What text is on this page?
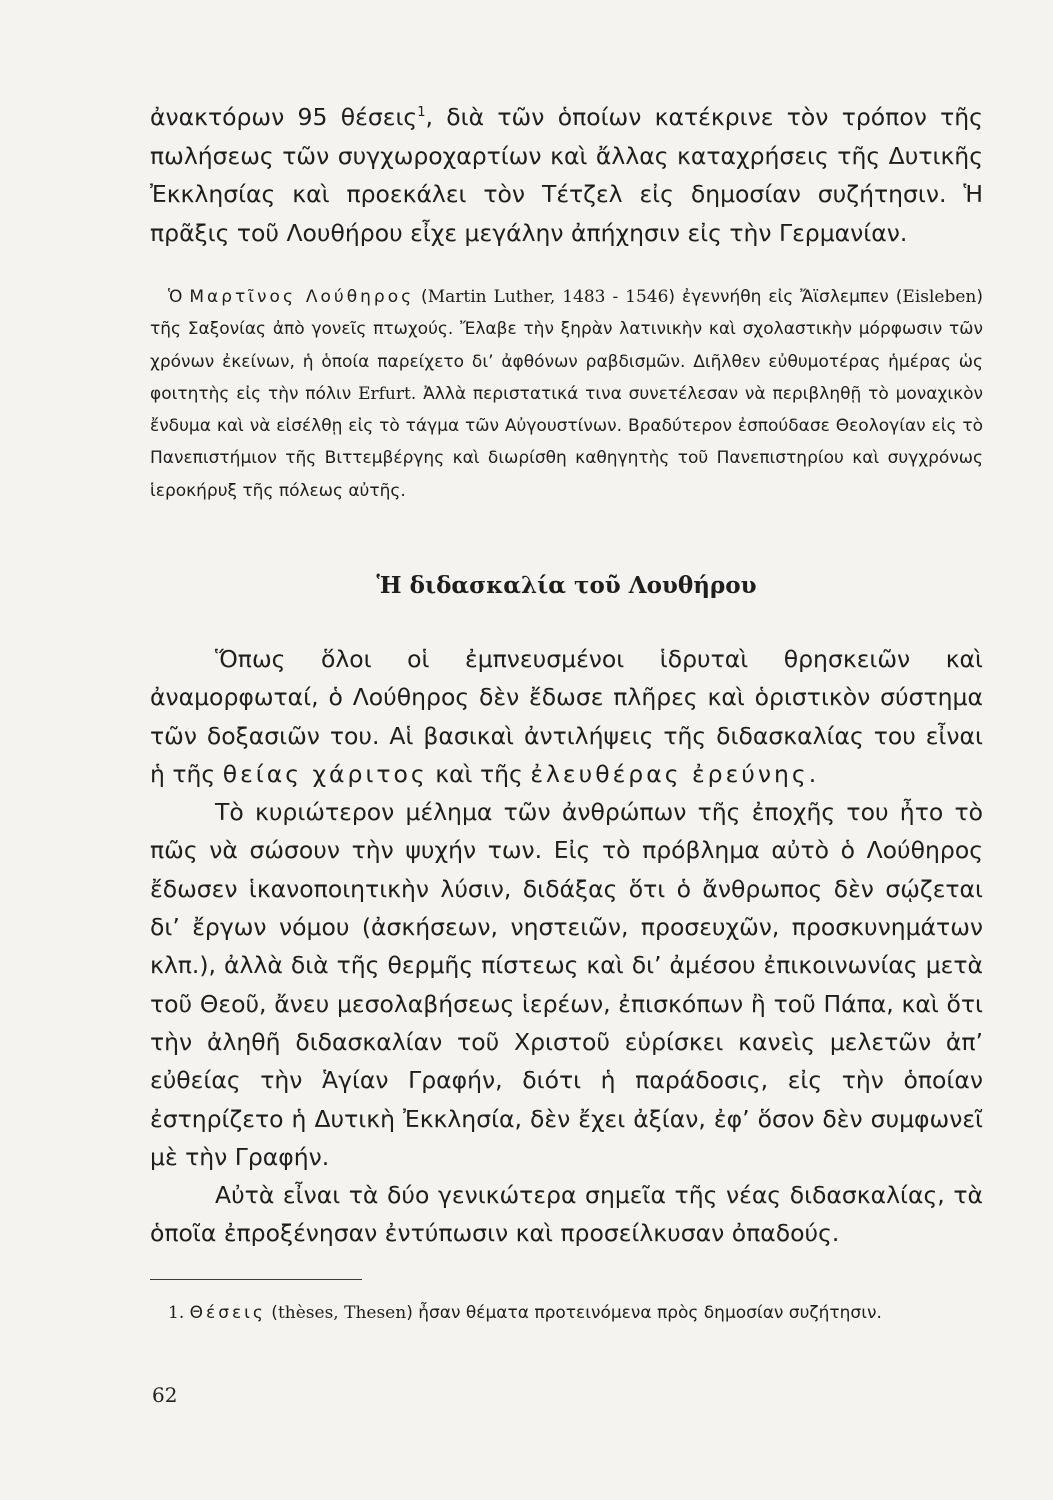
ἀνακτόρων 95 θέσεις$^1$, διὰ τῶν ὁποίων κατέκρινε τὸν τρόπον τῆς πωλήσεως τῶν συγχωροχαρτίων καὶ ἄλλας καταχρήσεις τῆς Δυτικῆς Ἐκκλησίας καὶ προεκάλει τὸν Τέτζελ εἰς δημοσίαν συζήτησιν. Ἡ πρᾶξις τοῦ Λουθήρου εἶχε μεγάλην ἀπήχησιν εἰς τὴν Γερμανίαν.

Ὁ Μαρτῖνος Λούθηρος (Martin Luther, 1483 - 1546) ἐγεννήθη εἰς Ἄϊσλεμπεν (Eisleben) τῆς Σαξονίας ἀπὸ γονεῖς πτωχούς. Ἔλαβε τὴν ξηρὰν λατινικὴν καὶ σχολαστικὴν μόρφωσιν τῶν χρόνων ἐκείνων, ἡ ὁποία παρείχετο δι’ ἀφθόνων ραβδισμῶν. Διῆλθεν εὐθυμοτέρας ἡμέρας ὡς φοιτητὴς εἰς τὴν πόλιν Erfurt. Ἀλλὰ περιστατικά τινα συνετέλεσαν νὰ περιβληθῇ τὸ μοναχικὸν ἔνδυμα καὶ νὰ εἰσέλθῃ εἰς τὸ τάγμα τῶν Αὐγουστίνων. Βραδύτερον ἐσπούδασε Θεολογίαν εἰς τὸ Πανεπιστήμιον τῆς Βιττεμβέργης καὶ διωρίσθη καθηγητὴς τοῦ Πανεπιστηρίου καὶ συγχρόνως ἱεροκήρυξ τῆς πόλεως αὐτῆς.

Ἡ διδασκαλία τοῦ Λουθήρου

Ὅπως ὅλοι οἱ ἐμπνευσμένοι ἱδρυταὶ θρησκειῶν καὶ ἀναμορφωταί, ὁ Λούθηρος δὲν ἔδωσε πλῆρες καὶ ὁριστικὸν σύστημα τῶν δοξασιῶν του. Αἱ βασικαὶ ἀντιλήψεις τῆς διδασκαλίας του εἶναι ἡ τῆς θείας χάριτος καὶ τῆς ἐλευθέρας ἐρεύνης.

Τὸ κυριώτερον μέλημα τῶν ἀνθρώπων τῆς ἐποχῆς του ἦτο τὸ πῶς νὰ σώσουν τὴν ψυχήν των. Εἰς τὸ πρόβλημα αὐτὸ ὁ Λούθηρος ἔδωσεν ἱκανοποιητικὴν λύσιν, διδάξας ὅτι ὁ ἄνθρωπος δὲν σῴζεται δι’ ἔργων νόμου (ἀσκήσεων, νηστειῶν, προσευχῶν, προσκυνημάτων κλπ.), ἀλλὰ διὰ τῆς θερμῆς πίστεως καὶ δι’ ἀμέσου ἐπικοινωνίας μετὰ τοῦ Θεοῦ, ἄνευ μεσολαβήσεως ἱερέων, ἐπισκόπων ἢ τοῦ Πάπα, καὶ ὅτι τὴν ἀληθῆ διδασκαλίαν τοῦ Χριστοῦ εὑρίσκει κανεὶς μελετῶν ἀπ’ εὐθείας τὴν Ἁγίαν Γραφήν, διότι ἡ παράδοσις, εἰς τὴν ὁποίαν ἐστηρίζετο ἡ Δυτικὴ Ἐκκλησία, δὲν ἔχει ἀξίαν, ἐφ’ ὅσον δὲν συμφωνεῖ μὲ τὴν Γραφήν.

Αὐτὰ εἶναι τὰ δύο γενικώτερα σημεῖα τῆς νέας διδασκαλίας, τὰ ὁποῖα ἐπροξένησαν ἐντύπωσιν καὶ προσείλκυσαν ὀπαδούς.

1. Θέσεις (thèses, Thesen) ἦσαν θέματα προτεινόμενα πρὸς δημοσίαν συζήτησιν.

62
